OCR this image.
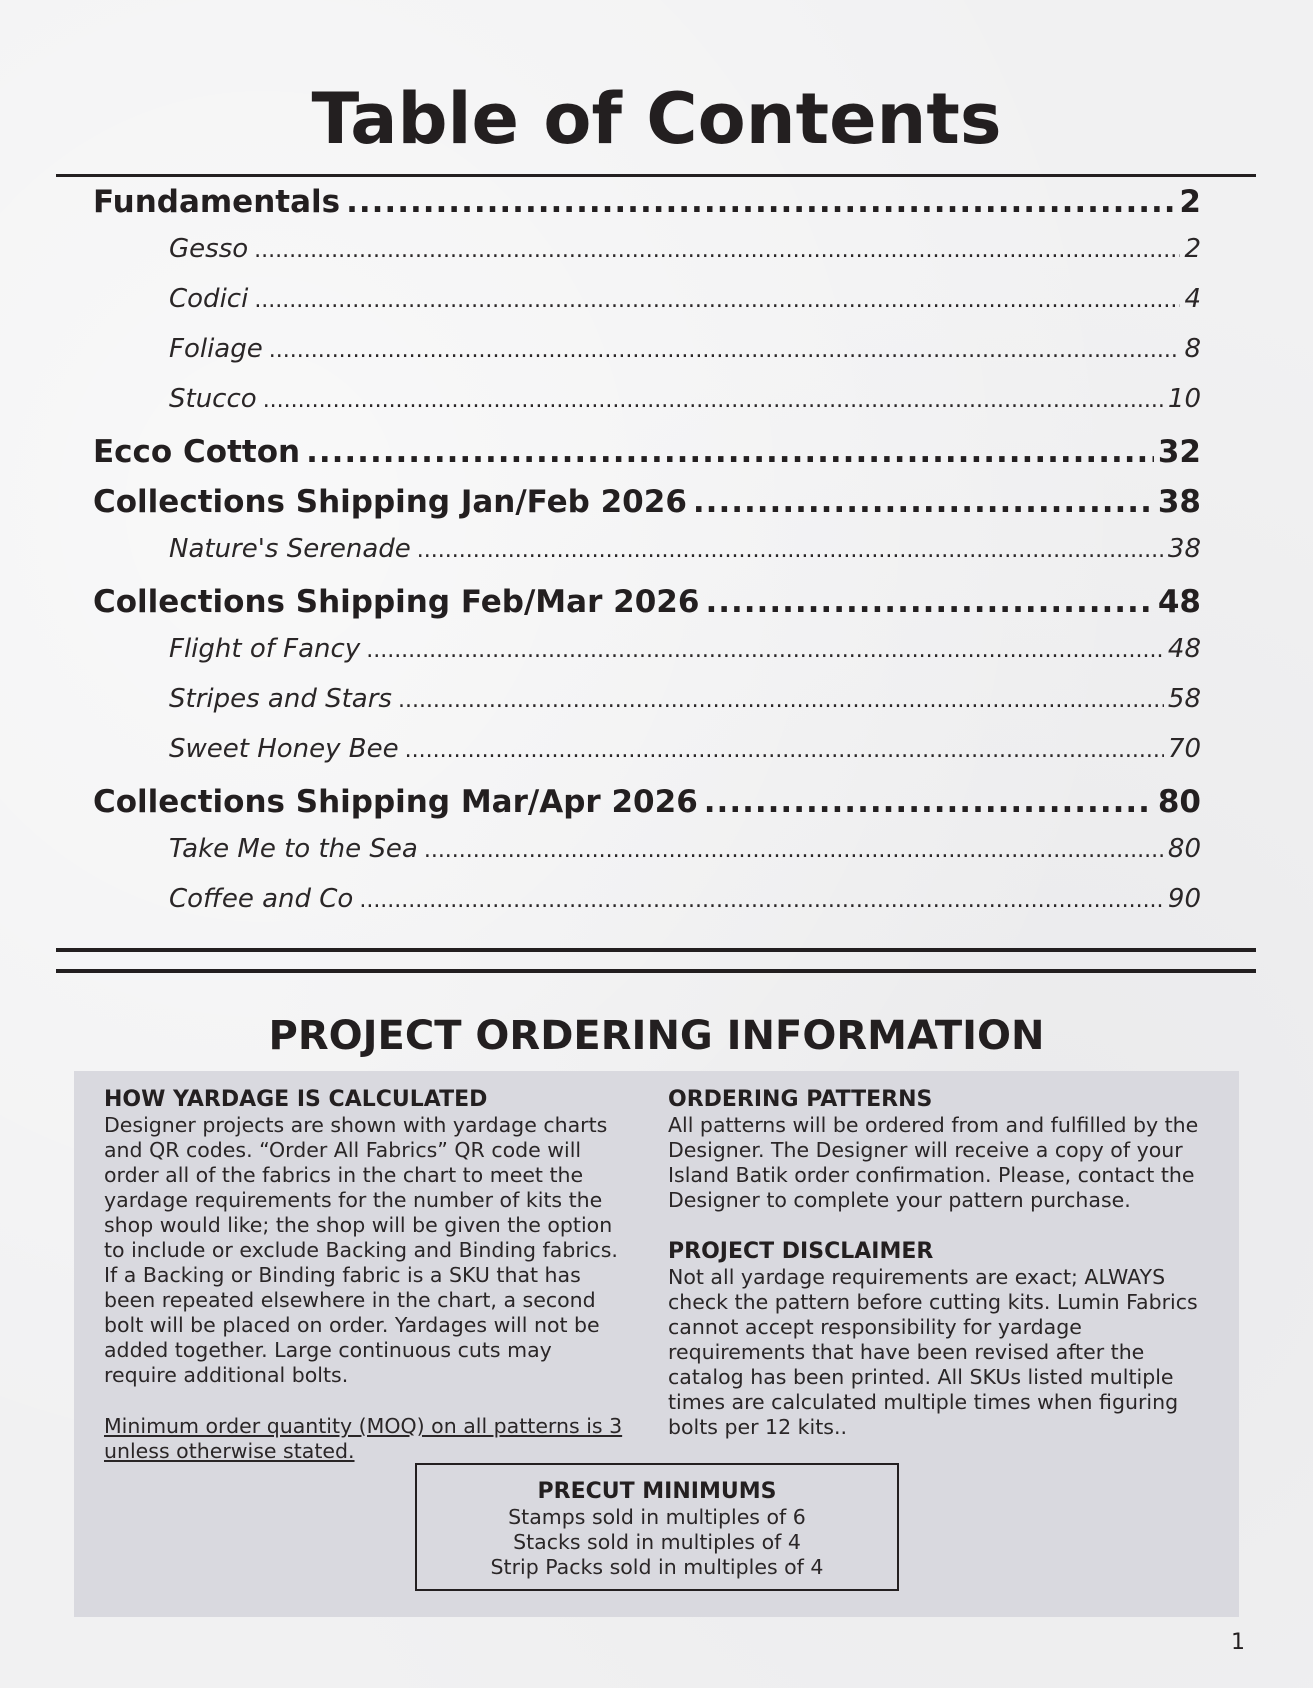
Table of Contents
Fundamentals .....	2
Gesso .....	2
Codici .....	4
Foliage .....	8
Stucco .....	10
Ecco Cotton .....	32
Collections Shipping Jan/Feb 2026 .....	38
Nature's Serenade .....	38
Collections Shipping Feb/Mar 2026 .....	48
Flight of Fancy .....	48
Stripes and Stars .....	58
Sweet Honey Bee .....	70
Collections Shipping Mar/Apr 2026 .....	80
Take Me to the Sea .....	80
Coffee and Co .....	90
PROJECT ORDERING INFORMATION
HOW YARDAGE IS CALCULATED

Designer projects are shown with yardage charts and QR codes. “Order All Fabrics” QR code will order all of the fabrics in the chart to meet the yardage requirements for the number of kits the shop would like; the shop will be given the option to include or exclude Backing and Binding fabrics. If a Backing or Binding fabric is a SKU that has been repeated elsewhere in the chart, a second bolt will be placed on order. Yardages will not be added together. Large continuous cuts may require additional bolts.

Minimum order quantity (MOQ) on all patterns is 3 unless otherwise stated.

ORDERING PATTERNS

All patterns will be ordered from and fulfilled by the Designer. The Designer will receive a copy of your Island Batik order confirmation. Please, contact the Designer to complete your pattern purchase.

PROJECT DISCLAIMER

Not all yardage requirements are exact; ALWAYS check the pattern before cutting kits. Lumin Fabrics cannot accept responsibility for yardage requirements that have been revised after the catalog has been printed. All SKUs listed multiple times are calculated multiple times when figuring bolts per 12 kits..

PRECUT MINIMUMS
Stamps sold in multiples of 6
Stacks sold in multiples of 4
Strip Packs sold in multiples of 4
1
